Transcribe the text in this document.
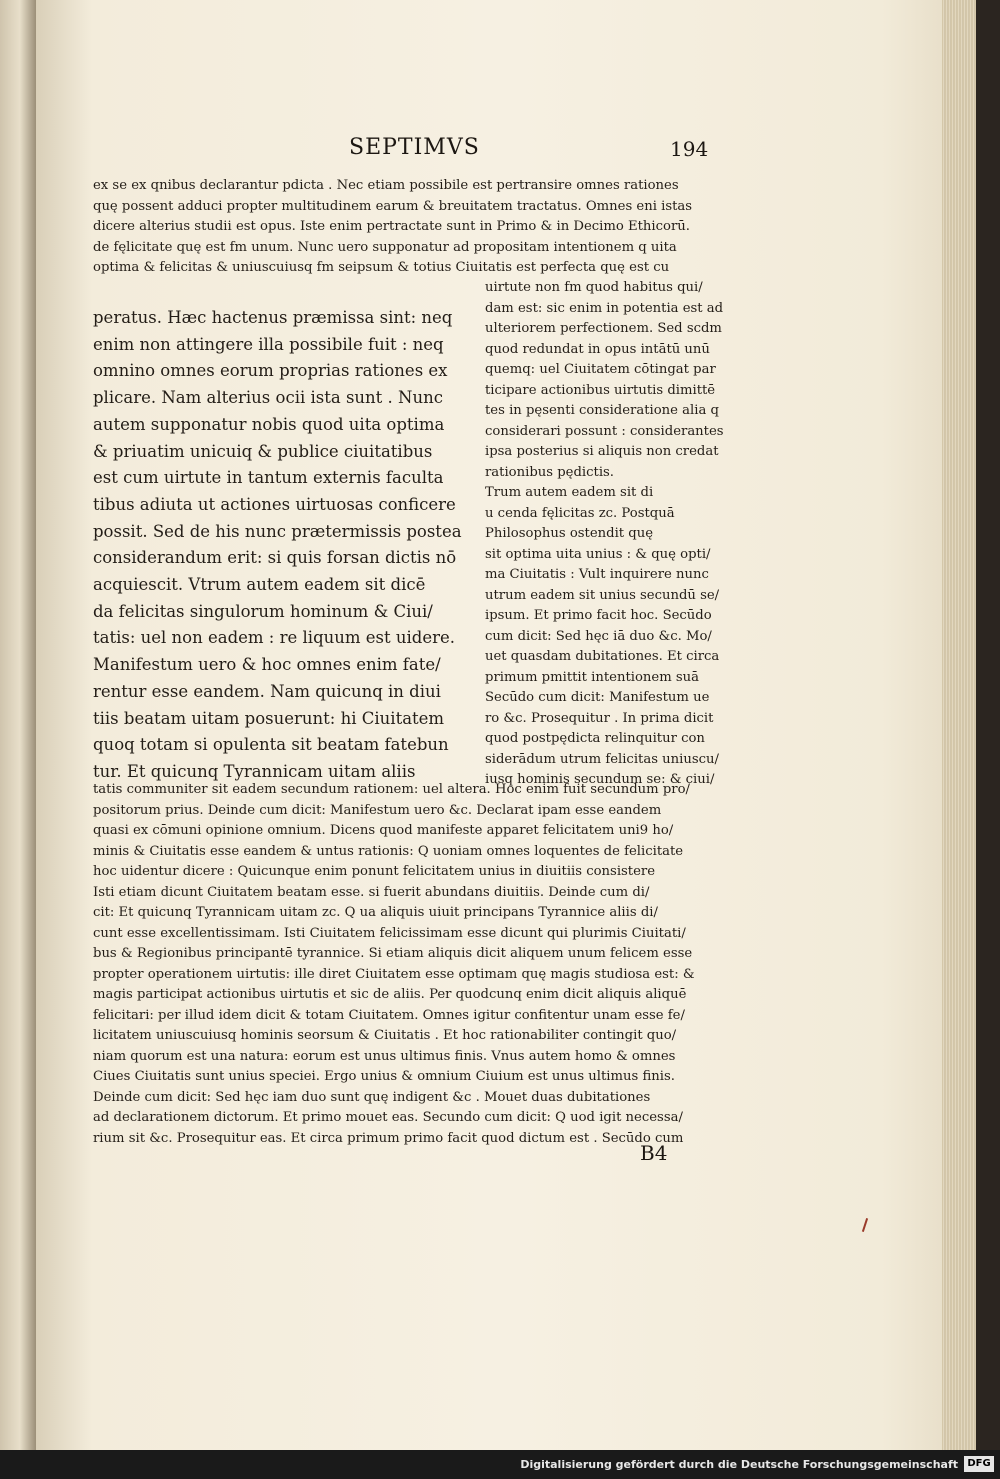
SEPTIMVS	194
ex se ex qnibus declarantur pdicta . Nec etiam possibile est pertransire omnes rationes
quę possent adduci propter multitudinem earum & breuitatem tractatus. Omnes eni istas
dicere alterius studii est opus. Iste enim pertractate sunt in Primo & in Decimo Ethicorū.
de fęlicitate quę est fm unum. Nunc uero supponatur ad propositam intentionem q uita
optima & felicitas & uniuscuiusq fm seipsum & totius Ciuitatis est perfecta quę est cu
peratus. Hæc hactenus præmissa sint: neq
enim non attingere illa possibile fuit : neq
omnino omnes eorum proprias rationes ex
plicare. Nam alterius ocii ista sunt . Nunc
autem supponatur nobis quod uita optima
& priuatim unicuiq & publice ciuitatibus
est cum uirtute in tantum externis faculta
tibus adiuta ut actiones uirtuosas conficere
possit. Sed de his nunc prætermissis postea
considerandum erit: si quis forsan dictis nō
acquiescit. Vtrum autem eadem sit dicē
da felicitas singulorum hominum & Ciui/
tatis: uel non eadem : re liquum est uidere.
Manifestum uero & hoc omnes enim fate/
rentur esse eandem. Nam quicunq in diui
tiis beatam uitam posuerunt: hi Ciuitatem
quoq totam si opulenta sit beatam fatebun
tur. Et quicunq Tyrannicam uitam aliis
uirtute non fm quod habitus qui/
dam est: sic enim in potentia est ad
ulteriorem perfectionem. Sed scdm
quod redundat in opus intātū unū
quemq: uel Ciuitatem cōtingat par
ticipare actionibus uirtutis dimittē
tes in pęsenti consideratione alia q
considerari possunt : considerantes
ipsa posterius si aliquis non credat
rationibus pędictis.
Trum autem eadem sit di
u cenda fęlicitas zc. Postquā
Philosophus ostendit quę
sit optima uita unius : & quę opti/
ma Ciuitatis : Vult inquirere nunc
utrum eadem sit unius secundū se/
ipsum. Et primo facit hoc. Secūdo
cum dicit: Sed hęc iā duo &c. Mo/
uet quasdam dubitationes. Et circa
primum pmittit intentionem suā
Secūdo cum dicit: Manifestum ue
ro &c. Prosequitur . In prima dicit
quod postpędicta relinquitur con
siderādum utrum felicitas uniuscu/
iusq hominis secundum se: & ciui/
tatis communiter sit eadem secundum rationem: uel altera. Hoc enim fuit secundum pro/
positorum prius. Deinde cum dicit: Manifestum uero &c. Declarat ipam esse eandem
quasi ex cōmuni opinione omnium. Dicens quod manifeste apparet felicitatem uni9 ho/
minis & Ciuitatis esse eandem & untus rationis: Q uoniam omnes loquentes de felicitate
hoc uidentur dicere : Quicunque enim ponunt felicitatem unius in diuitiis consistere
Isti etiam dicunt Ciuitatem beatam esse. si fuerit abundans diuitiis. Deinde cum di/
cit: Et quicunq Tyrannicam uitam zc. Q ua aliquis uiuit principans Tyrannice aliis di/
cunt esse excellentissimam. Isti Ciuitatem felicissimam esse dicunt qui plurimis Ciuitati/
bus & Regionibus principantē tyrannice. Si etiam aliquis dicit aliquem unum felicem esse
propter operationem uirtutis: ille diret Ciuitatem esse optimam quę magis studiosa est: &
magis participat actionibus uirtutis et sic de aliis. Per quodcunq enim dicit aliquis aliquē
felicitari: per illud idem dicit & totam Ciuitatem. Omnes igitur confitentur unam esse fe/
licitatem uniuscuiusq hominis seorsum & Ciuitatis . Et hoc rationabiliter contingit quo/
niam quorum est una natura: eorum est unus ultimus finis. Vnus autem homo & omnes
Ciues Ciuitatis sunt unius speciei. Ergo unius & omnium Ciuium est unus ultimus finis.
Deinde cum dicit: Sed hęc iam duo sunt quę indigent &c . Mouet duas dubitationes
ad declarationem dictorum. Et primo mouet eas. Secundo cum dicit: Q uod igit necessa/
rium sit &c. Prosequitur eas. Et circa primum primo facit quod dictum est . Secūdo cum
B4
Digitalisierung gefördert durch die Deutsche Forschungsgemeinschaft DFG
